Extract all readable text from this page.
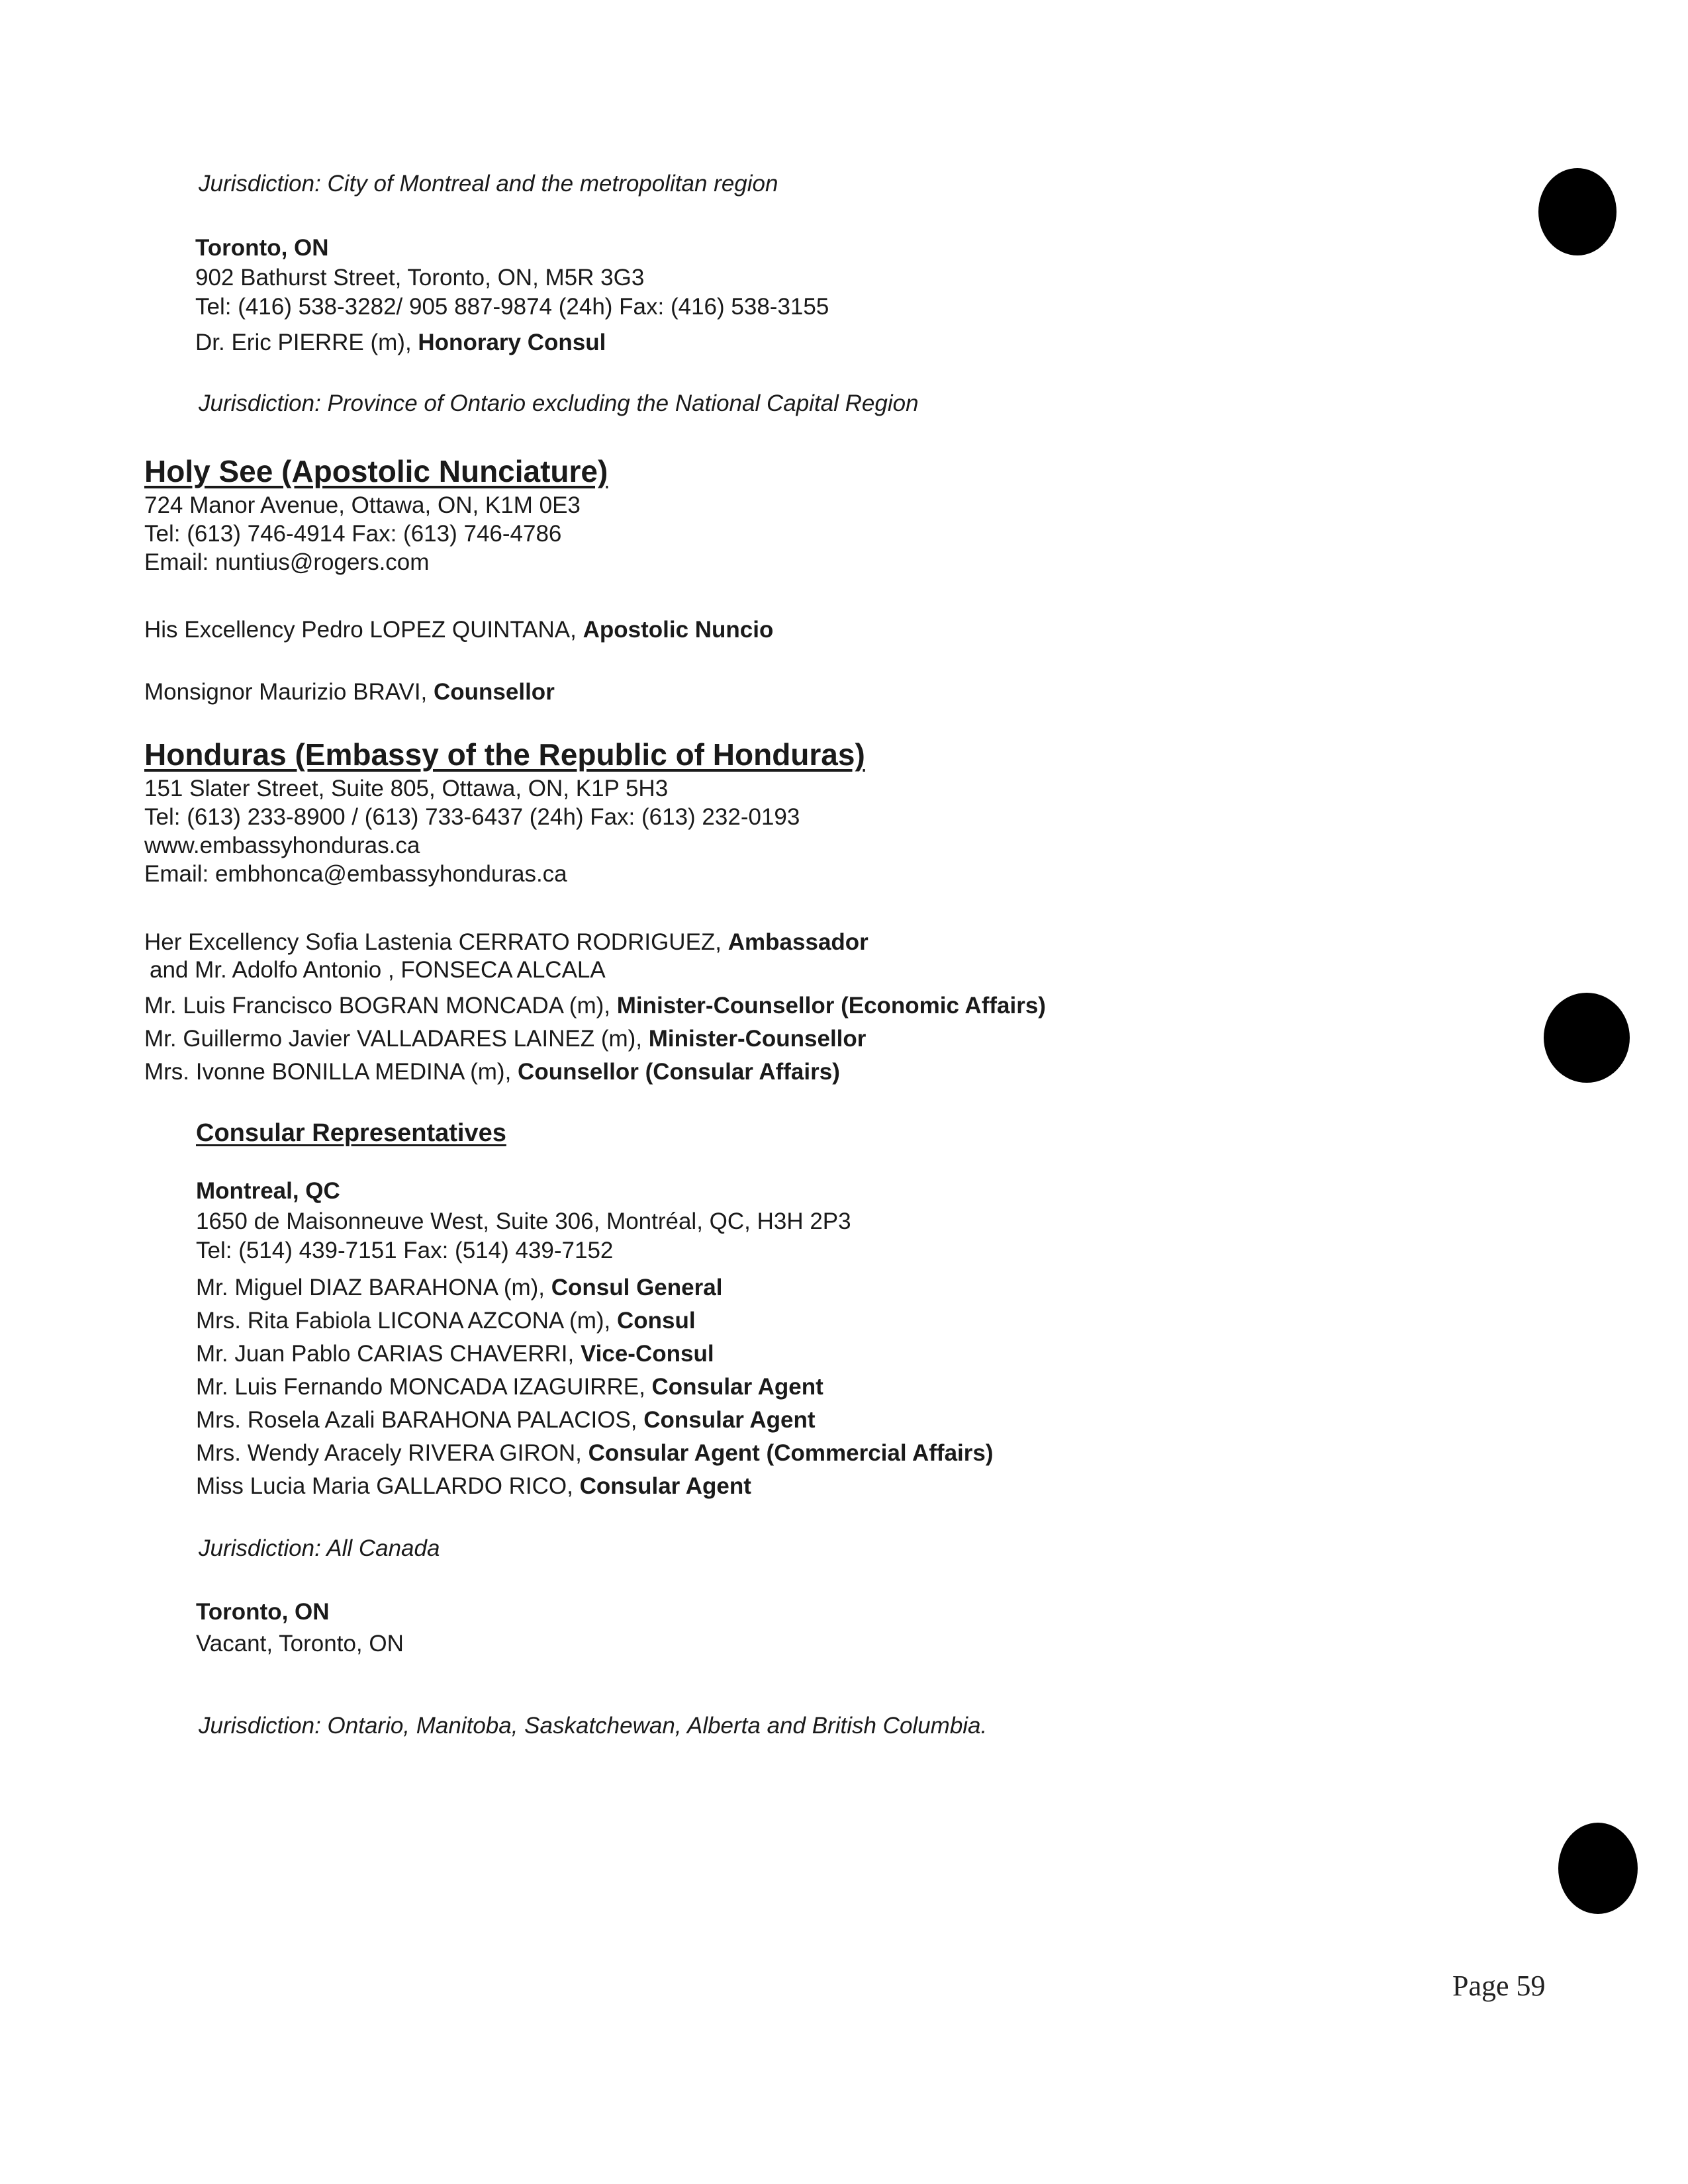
Jurisdiction: City of Montreal and the metropolitan region
Toronto, ON
902 Bathurst Street, Toronto, ON, M5R 3G3
Tel: (416) 538-3282/ 905 887-9874 (24h) Fax: (416) 538-3155
Dr. Eric PIERRE (m), Honorary Consul
Jurisdiction: Province of Ontario excluding the National Capital Region
Holy See (Apostolic Nunciature)
724 Manor Avenue, Ottawa, ON, K1M 0E3
Tel: (613) 746-4914 Fax: (613) 746-4786
Email: nuntius@rogers.com
His Excellency Pedro LOPEZ QUINTANA, Apostolic Nuncio
Monsignor Maurizio BRAVI, Counsellor
Honduras (Embassy of the Republic of Honduras)
151 Slater Street, Suite 805, Ottawa, ON, K1P 5H3
Tel: (613) 233-8900 / (613) 733-6437 (24h) Fax: (613) 232-0193
www.embassyhonduras.ca
Email: embhonca@embassyhonduras.ca
Her Excellency Sofia Lastenia CERRATO RODRIGUEZ, Ambassador
and Mr. Adolfo Antonio , FONSECA ALCALA
Mr. Luis Francisco BOGRAN MONCADA (m), Minister-Counsellor (Economic Affairs)
Mr. Guillermo Javier VALLADARES LAINEZ (m), Minister-Counsellor
Mrs. Ivonne BONILLA MEDINA (m), Counsellor (Consular Affairs)
Consular Representatives
Montreal, QC
1650 de Maisonneuve West, Suite 306, Montréal, QC, H3H 2P3
Tel: (514) 439-7151 Fax: (514) 439-7152
Mr. Miguel DIAZ BARAHONA (m), Consul General
Mrs. Rita Fabiola LICONA AZCONA (m), Consul
Mr. Juan Pablo CARIAS CHAVERRI, Vice-Consul
Mr. Luis Fernando MONCADA IZAGUIRRE, Consular Agent
Mrs. Rosela Azali BARAHONA PALACIOS, Consular Agent
Mrs. Wendy Aracely RIVERA GIRON, Consular Agent (Commercial Affairs)
Miss Lucia Maria GALLARDO RICO, Consular Agent
Jurisdiction: All Canada
Toronto, ON
Vacant, Toronto, ON
Jurisdiction: Ontario, Manitoba, Saskatchewan, Alberta and British Columbia.
Page 59
